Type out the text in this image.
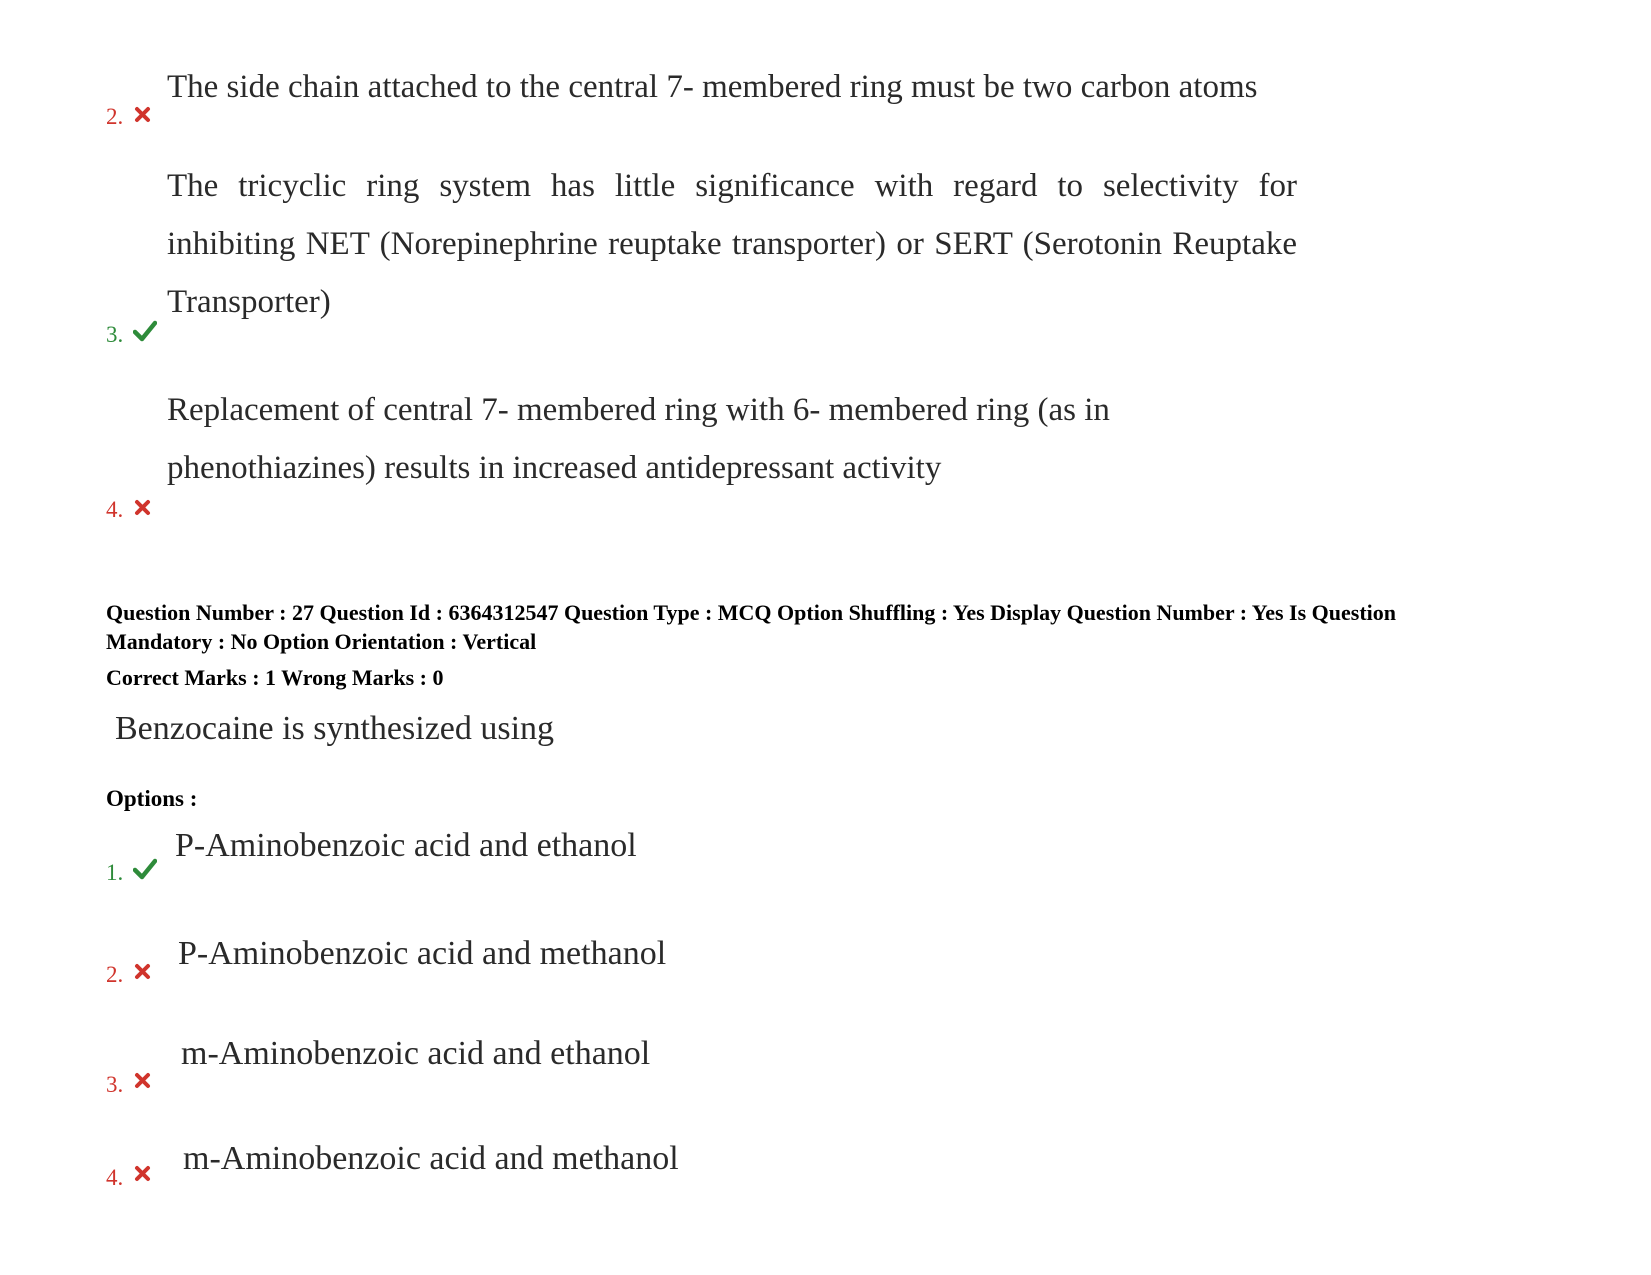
The side chain attached to the central 7- membered ring must be two carbon atoms
2.
The tricyclic ring system has little significance with regard to selectivity for inhibiting NET (Norepinephrine reuptake transporter) or SERT (Serotonin Reuptake Transporter)
3.
Replacement of central 7- membered ring with 6- membered ring (as in phenothiazines) results in increased antidepressant activity
4.
Question Number : 27 Question Id : 6364312547 Question Type : MCQ Option Shuffling : Yes Display Question Number : Yes Is Question Mandatory : No Option Orientation : Vertical
Correct Marks : 1 Wrong Marks : 0
Benzocaine is synthesized using
Options :
P-Aminobenzoic acid and ethanol
1.
P-Aminobenzoic acid and methanol
2.
m-Aminobenzoic acid and ethanol
3.
m-Aminobenzoic acid and methanol
4.
